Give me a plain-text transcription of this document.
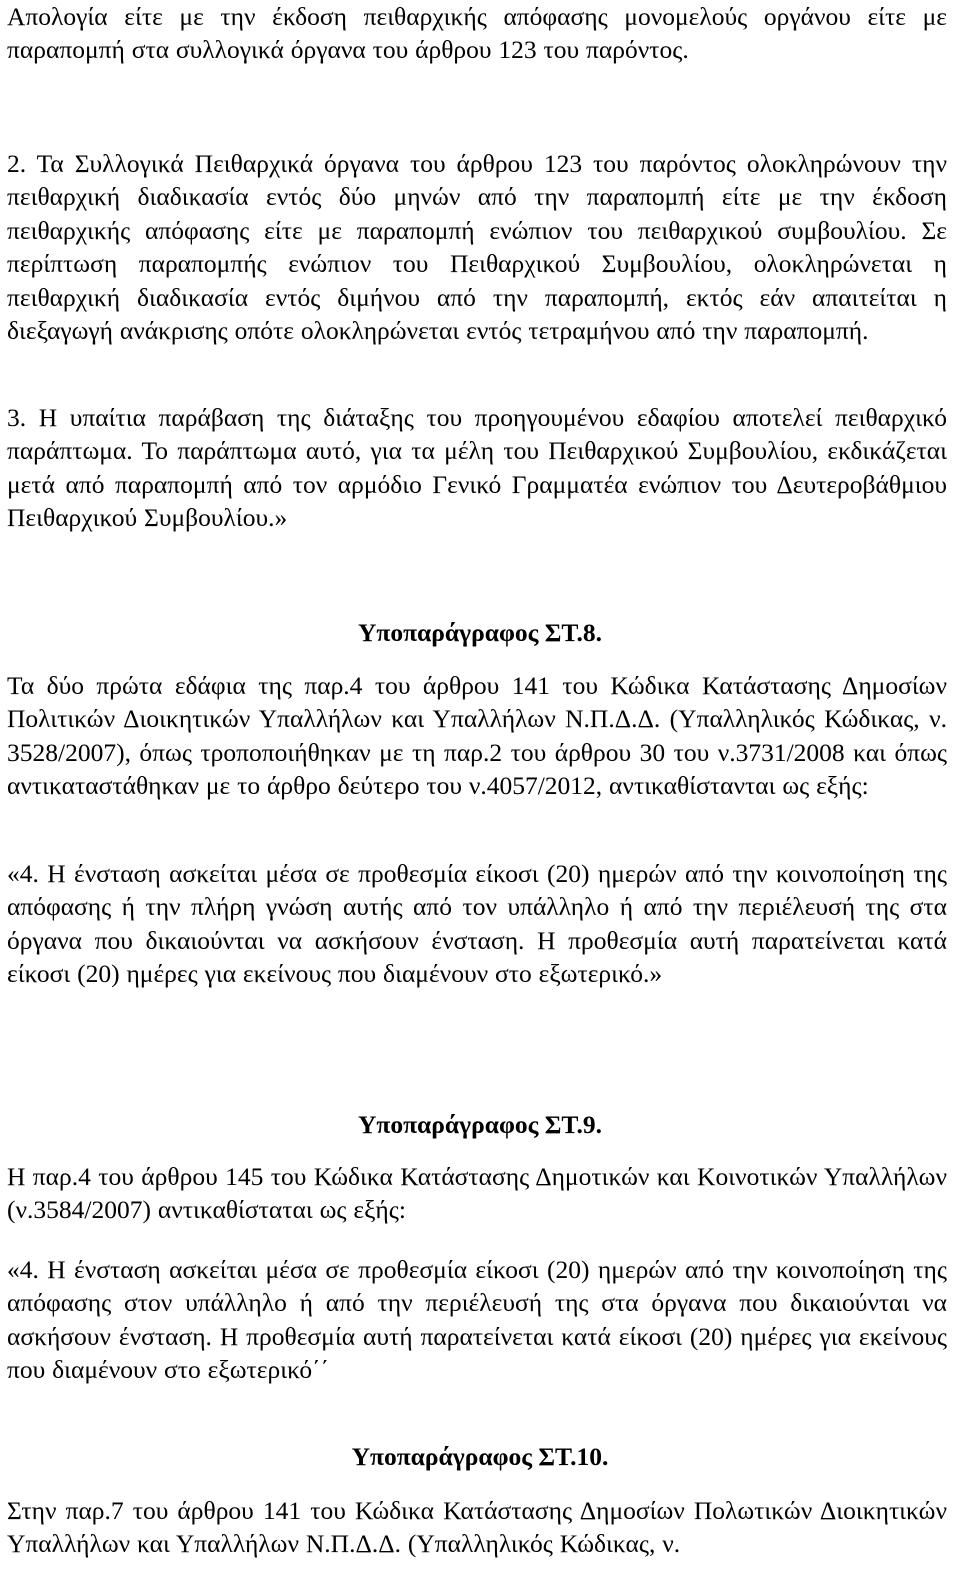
Απολογία είτε με την έκδοση πειθαρχικής απόφασης μονομελούς οργάνου είτε με παραπομπή στα συλλογικά όργανα του άρθρου 123 του παρόντος.

2. Τα Συλλογικά Πειθαρχικά όργανα του άρθρου 123 του παρόντος ολοκληρώνουν την πειθαρχική διαδικασία εντός δύο μηνών από την παραπομπή είτε με την έκδοση πειθαρχικής απόφασης είτε με παραπομπή ενώπιον του πειθαρχικού συμβουλίου. Σε περίπτωση παραπομπής ενώπιον του Πειθαρχικού Συμβουλίου, ολοκληρώνεται η πειθαρχική διαδικασία εντός διμήνου από την παραπομπή, εκτός εάν απαιτείται η διεξαγωγή ανάκρισης οπότε ολοκληρώνεται εντός τετραμήνου από την παραπομπή.

3. Η υπαίτια παράβαση της διάταξης του προηγουμένου εδαφίου αποτελεί πειθαρχικό παράπτωμα. Το παράπτωμα αυτό, για τα μέλη του Πειθαρχικού Συμβουλίου, εκδικάζεται μετά από παραπομπή από τον αρμόδιο Γενικό Γραμματέα ενώπιον του Δευτεροβάθμιου Πειθαρχικού Συμβουλίου.»

Υποπαράγραφος ΣΤ.8.

Τα δύο πρώτα εδάφια της παρ.4 του άρθρου 141 του Κώδικα Κατάστασης Δημοσίων Πολιτικών Διοικητικών Υπαλλήλων και Υπαλλήλων Ν.Π.Δ.Δ. (Υπαλληλικός Κώδικας, ν. 3528/2007), όπως τροποποιήθηκαν με τη παρ.2 του άρθρου 30 του ν.3731/2008 και όπως αντικαταστάθηκαν με το άρθρο δεύτερο του ν.4057/2012, αντικαθίστανται ως εξής:

«4. Η ένσταση ασκείται μέσα σε προθεσμία είκοσι (20) ημερών από την κοινοποίηση της απόφασης ή την πλήρη γνώση αυτής από τον υπάλληλο ή από την περιέλευσή της στα όργανα που δικαιούνται να ασκήσουν ένσταση. Η προθεσμία αυτή παρατείνεται κατά είκοσι (20) ημέρες για εκείνους που διαμένουν στο εξωτερικό.»

Υποπαράγραφος ΣΤ.9.

Η παρ.4 του άρθρου 145 του Κώδικα Κατάστασης Δημοτικών και Κοινοτικών Υπαλλήλων (ν.3584/2007) αντικαθίσταται ως εξής:

«4. Η ένσταση ασκείται μέσα σε προθεσμία είκοσι (20) ημερών από την κοινοποίηση της απόφασης στον υπάλληλο ή από την περιέλευσή της στα όργανα που δικαιούνται να ασκήσουν ένσταση. Η προθεσμία αυτή παρατείνεται κατά είκοσι (20) ημέρες για εκείνους που διαμένουν στο εξωτερικό΄΄

Υποπαράγραφος ΣΤ.10.

Στην παρ.7 του άρθρου 141 του Κώδικα Κατάστασης Δημοσίων Πολωτικών Διοικητικών Υπαλλήλων και Υπαλλήλων Ν.Π.Δ.Δ. (Υπαλληλικός Κώδικας, ν.
